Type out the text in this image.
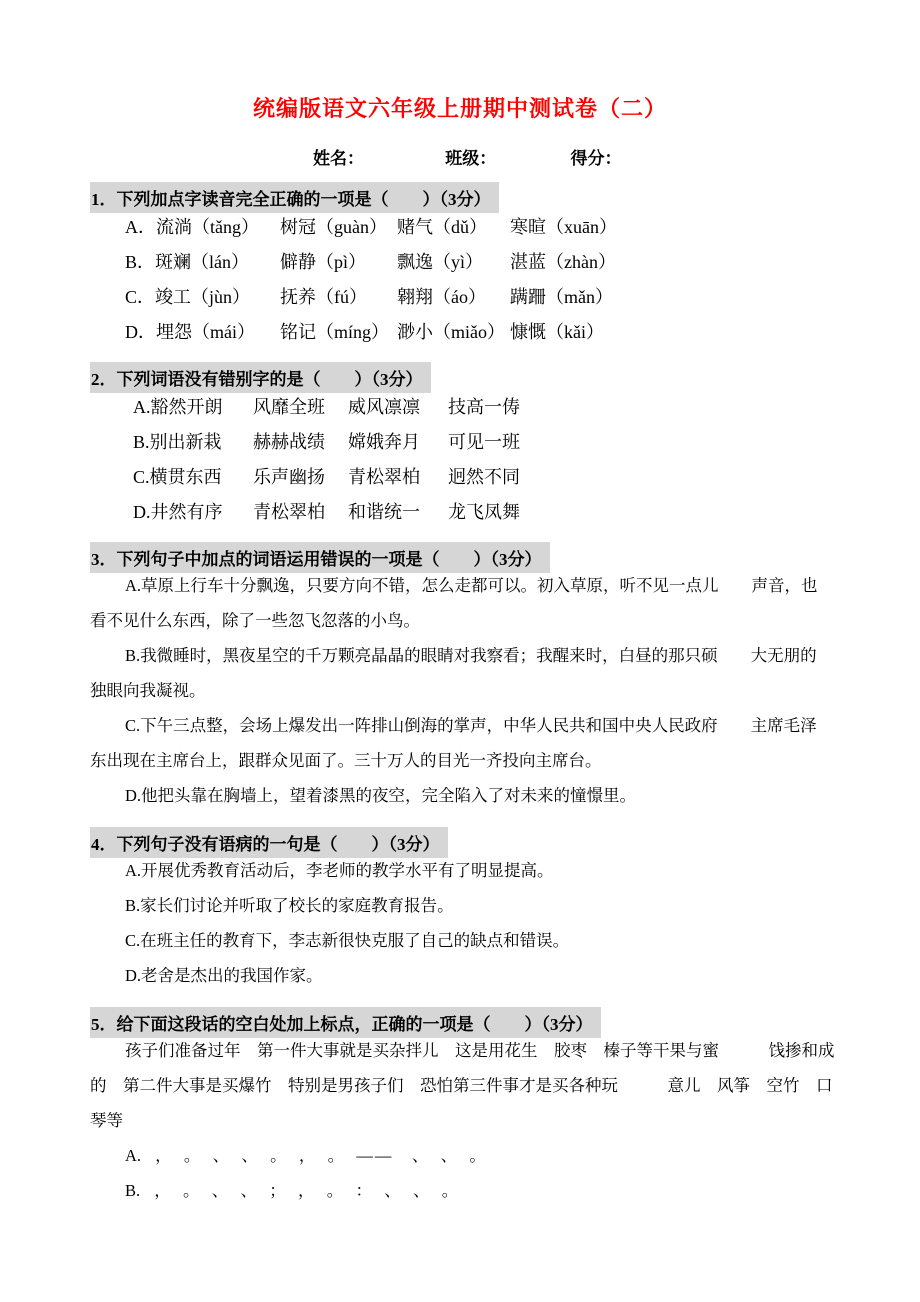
统编版语文六年级上册期中测试卷（二）
姓名：	班级：	得分：
1．下列加点字读音完全正确的一项是（　　）（3分）
A．流淌（tǎng）	树冠（guàn） 赌气（dǔ）	寒暄（xuān）
B．斑斓（lán）	僻静（pì）	飘逸（yì）	湛蓝（zhàn）
C．竣工（jùn）	抚养（fú）	翱翔（áo）	蹒跚（mǎn）
D．埋怨（mái）	铭记（míng） 渺小（miǎo） 慷慨（kǎi）
2．下列词语没有错别字的是（　　）（3分）
A.豁然开朗	风靡全班	威风凛凛	技高一俦
B.别出新栽	赫赫战绩	嫦娥奔月	可见一班
C.横贯东西	乐声幽扬	青松翠柏	迥然不同
D.井然有序	青松翠柏	和谐统一	龙飞凤舞
3．下列句子中加点的词语运用错误的一项是（　　）（3分）
A.草原上行车十分飘逸，只要方向不错，怎么走都可以。初入草原，听不见一点儿　　声音，也
看不见什么东西，除了一些忽飞忽落的小鸟。
B.我微睡时，黑夜星空的千万颗亮晶晶的眼睛对我察看；我醒来时，白昼的那只硕　　大无朋的
独眼向我凝视。
C.下午三点整，会场上爆发出一阵排山倒海的掌声，中华人民共和国中央人民政府　　主席毛泽
东出现在主席台上，跟群众见面了。三十万人的目光一齐投向主席台。
D.他把头靠在胸墙上，望着漆黑的夜空，完全陷入了对未来的憧憬里。
4．下列句子没有语病的一句是（　　）（3分）
A.开展优秀教育活动后，李老师的教学水平有了明显提高。
B.家长们讨论并听取了校长的家庭教育报告。
C.在班主任的教育下，李志新很快克服了自己的缺点和错误。
D.老舍是杰出的我国作家。
5．给下面这段话的空白处加上标点，正确的一项是（　　）（3分）
孩子们准备过年　第一件大事就是买杂拌儿　这是用花生　胶枣　榛子等干果与蜜　　　饯掺和成
的　第二件大事是买爆竹　特别是男孩子们　恐怕第三件事才是买各种玩　　　意儿　风筝　空竹　口
琴等
A. ，　。　、　、　。　，　。　——　、　、　。
B. ，　。　、　、　；　，　。　：　、　、　。
